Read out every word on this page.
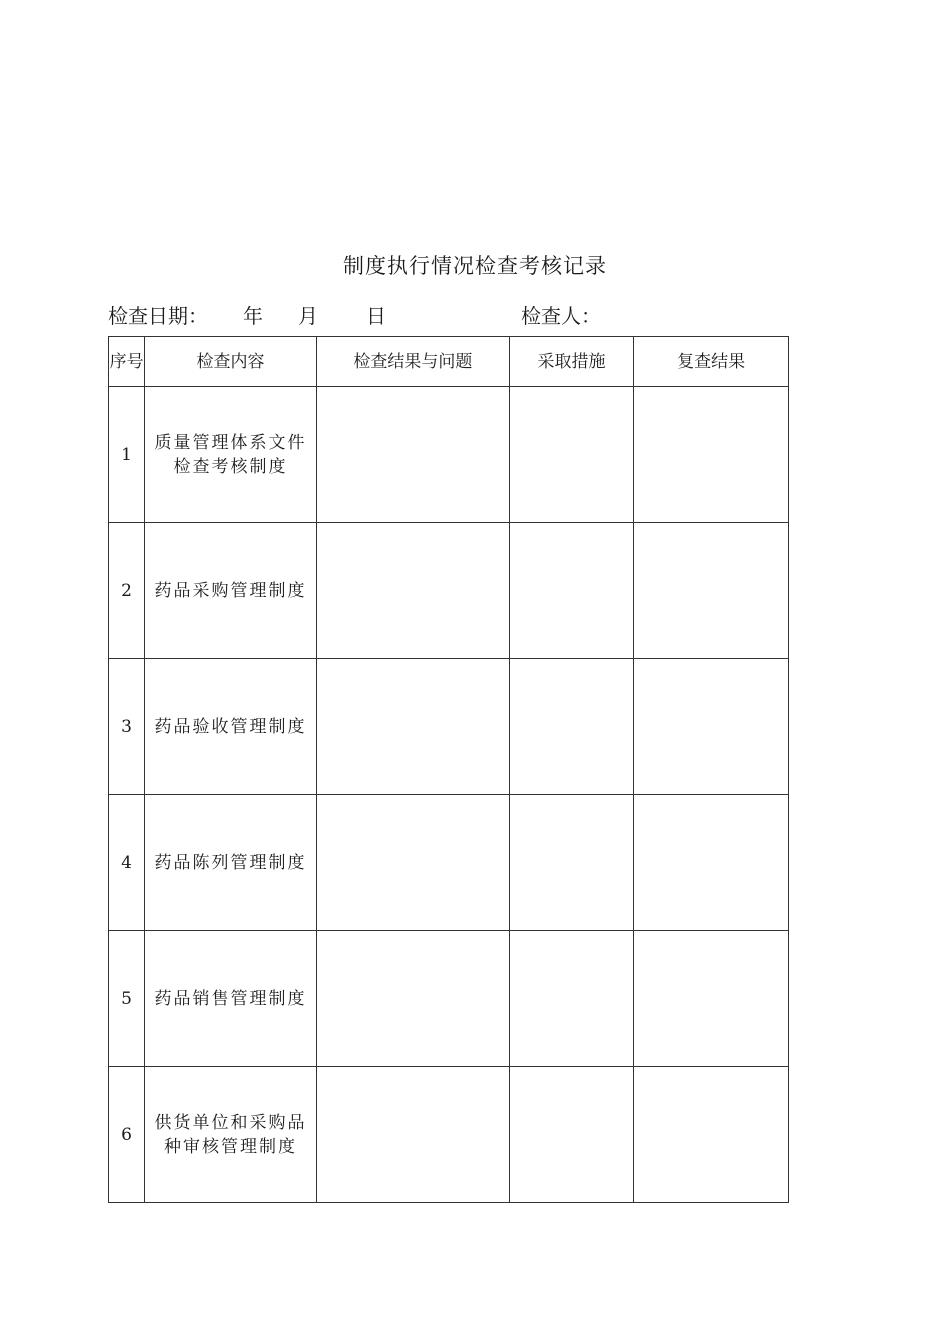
制度执行情况检查考核记录
检查日期： 年 月 日	检查人：
序号	检查内容	检查结果与问题	采取措施	复查结果
1	质量管理体系文件检查考核制度			
2	药品采购管理制度			
3	药品验收管理制度			
4	药品陈列管理制度			
5	药品销售管理制度			
6	供货单位和采购品种审核管理制度			
